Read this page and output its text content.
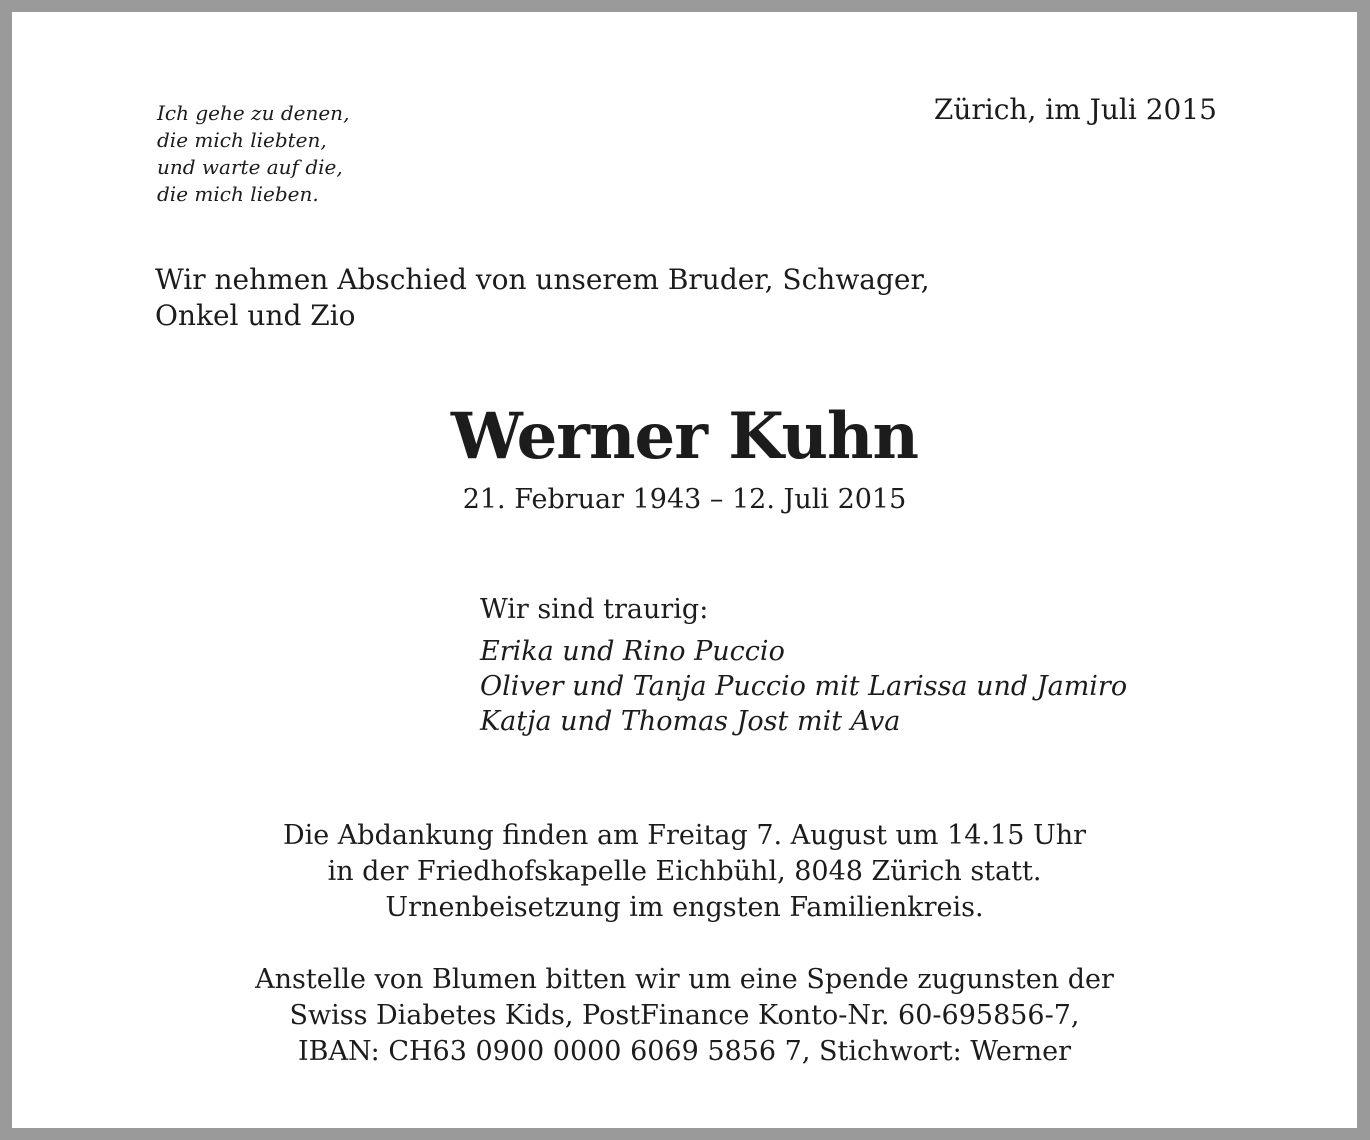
Ich gehe zu denen,
die mich liebten,
und warte auf die,
die mich lieben.
Zürich, im Juli 2015
Wir nehmen Abschied von unserem Bruder, Schwager,
Onkel und Zio
Werner Kuhn
21. Februar 1943 – 12. Juli 2015
Wir sind traurig:
Erika und Rino Puccio
Oliver und Tanja Puccio mit Larissa und Jamiro
Katja und Thomas Jost mit Ava
Die Abdankung finden am Freitag 7. August um 14.15 Uhr
in der Friedhofskapelle Eichbühl, 8048 Zürich statt.
Urnenbeisetzung im engsten Familienkreis.
Anstelle von Blumen bitten wir um eine Spende zugunsten der
Swiss Diabetes Kids, PostFinance Konto-Nr. 60-695856-7,
IBAN: CH63 0900 0000 6069 5856 7, Stichwort: Werner
